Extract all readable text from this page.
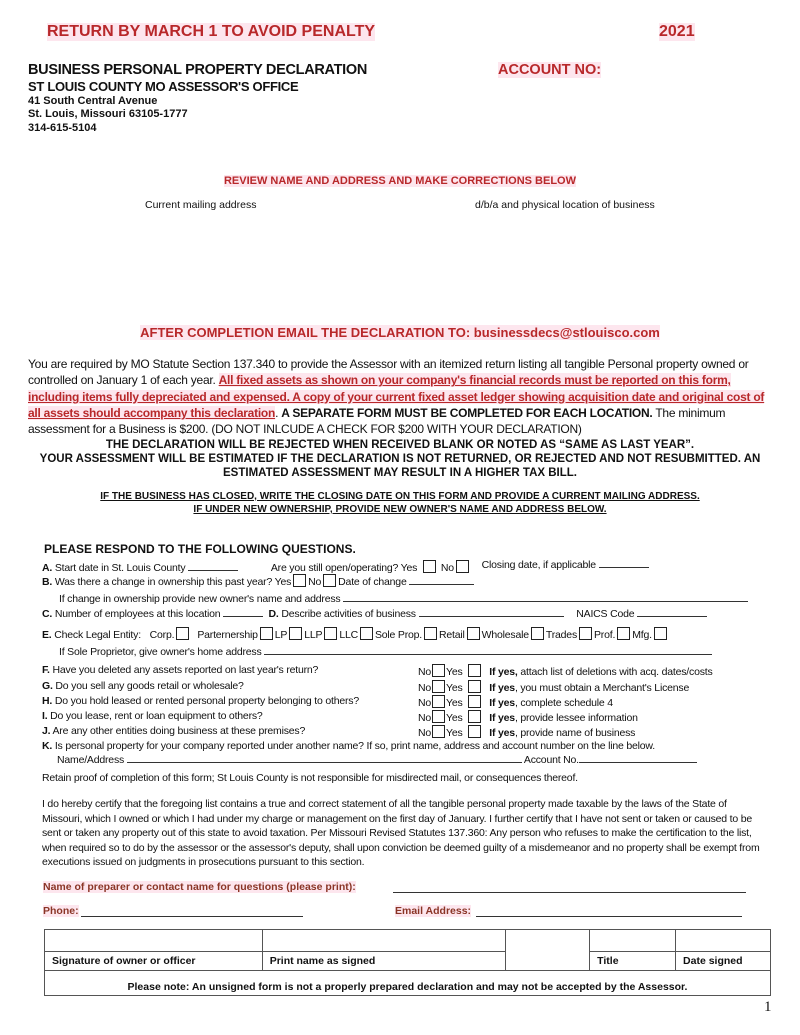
RETURN BY MARCH 1 TO AVOID PENALTY	2021
BUSINESS PERSONAL PROPERTY DECLARATION	ACCOUNT NO:
ST LOUIS COUNTY MO ASSESSOR'S OFFICE
41 South Central Avenue
St. Louis, Missouri 63105-1777
314-615-5104
REVIEW NAME AND ADDRESS AND MAKE CORRECTIONS BELOW
Current mailing address	d/b/a and physical location of business
AFTER COMPLETION EMAIL THE DECLARATION TO: businessdecs@stlouisco.com
You are required by MO Statute Section 137.340 to provide the Assessor with an itemized return listing all tangible Personal property owned or controlled on January 1 of each year. All fixed assets as shown on your company's financial records must be reported on this form, including items fully depreciated and expensed. A copy of your current fixed asset ledger showing acquisition date and original cost of all assets should accompany this declaration. A SEPARATE FORM MUST BE COMPLETED FOR EACH LOCATION. The minimum assessment for a Business is $200. (DO NOT INLCUDE A CHECK FOR $200 WITH YOUR DECLARATION)
THE DECLARATION WILL BE REJECTED WHEN RECEIVED BLANK OR NOTED AS “SAME AS LAST YEAR”.
YOUR ASSESSMENT WILL BE ESTIMATED IF THE DECLARATION IS NOT RETURNED, OR REJECTED AND NOT RESUBMITTED. AN ESTIMATED ASSESSMENT MAY RESULT IN A HIGHER TAX BILL.
IF THE BUSINESS HAS CLOSED, WRITE THE CLOSING DATE ON THIS FORM AND PROVIDE A CURRENT MAILING ADDRESS.
IF UNDER NEW OWNERSHIP, PROVIDE NEW OWNER'S NAME AND ADDRESS BELOW.
PLEASE RESPOND TO THE FOLLOWING QUESTIONS.
A. Start date in St. Louis County	Are you still open/operating? Yes No	Closing date, if applicable
B. Was there a change in ownership this past year? Yes No Date of change
If change in ownership provide new owner's name and address
C. Number of employees at this location	D. Describe activities of business	NAICS Code
E. Check Legal Entity: Corp. Parternership LP LLP LLC Sole Prop. Retail Wholesale Trades Prof. Mfg.
If Sole Proprietor, give owner's home address
F. Have you deleted any assets reported on last year's return?	No Yes	If yes, attach list of deletions with acq. dates/costs
G. Do you sell any goods retail or wholesale?	No Yes	If yes, you must obtain a Merchant's License
H. Do you hold leased or rented personal property belonging to others?	No Yes	If yes, complete schedule 4
I. Do you lease, rent or loan equipment to others?	No Yes	If yes, provide lessee information
J. Are any other entities doing business at these premises?	No Yes	If yes, provide name of business
K. Is personal property for your company reported under another name? If so, print name, address and account number on the line below.
Name/Address	Account No.
Retain proof of completion of this form; St Louis County is not responsible for misdirected mail, or consequences thereof.
I do hereby certify that the foregoing list contains a true and correct statement of all the tangible personal property made taxable by the laws of the State of Missouri, which I owned or which I had under my charge or management on the first day of January. I further certify that I have not sent or taken or caused to be sent or taken any property out of this state to avoid taxation. Per Missouri Revised Statutes 137.360: Any person who refuses to make the certification to the list, when required so to do by the assessor or the assessor's deputy, shall upon conviction be deemed guilty of a misdemeanor and no property shall be exempt from executions issued on judgments in prosecutions pursuant to this section.
Name of preparer or contact name for questions (please print):
Phone:	Email Address:

Signature of owner or officer	Print name as signed		Title	Date signed
Please note: An unsigned form is not a properly prepared declaration and may not be accepted by the Assessor.				
1
